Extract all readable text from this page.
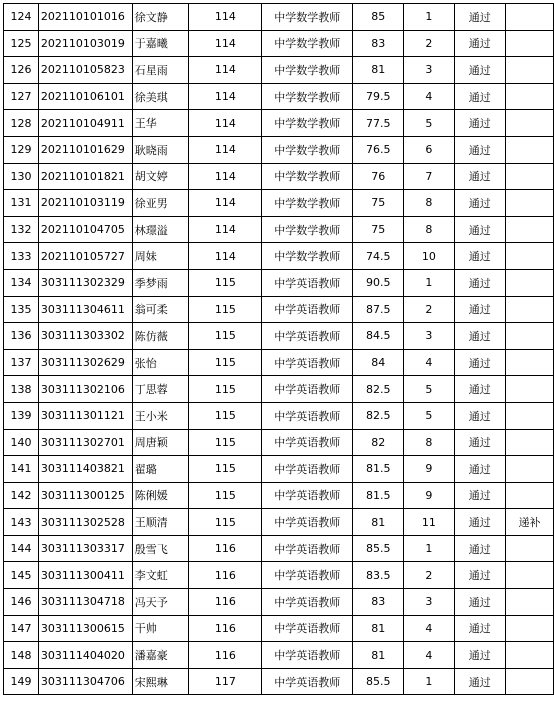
124	202110101016	徐文静	114	中学数学教师	85	1	通过	
125	202110103019	于嘉曦	114	中学数学教师	83	2	通过	
126	202110105823	石星雨	114	中学数学教师	81	3	通过	
127	202110106101	徐美琪	114	中学数学教师	79.5	4	通过	
128	202110104911	王华	114	中学数学教师	77.5	5	通过	
129	202110101629	耿晓雨	114	中学数学教师	76.5	6	通过	
130	202110101821	胡文婷	114	中学数学教师	76	7	通过	
131	202110103119	徐亚男	114	中学数学教师	75	8	通过	
132	202110104705	林璟溢	114	中学数学教师	75	8	通过	
133	202110105727	周妹	114	中学数学教师	74.5	10	通过	
134	303111302329	季梦雨	115	中学英语教师	90.5	1	通过	
135	303111304611	翁可柔	115	中学英语教师	87.5	2	通过	
136	303111303302	陈仿薇	115	中学英语教师	84.5	3	通过	
137	303111302629	张怡	115	中学英语教师	84	4	通过	
138	303111302106	丁思蓉	115	中学英语教师	82.5	5	通过	
139	303111301121	王小米	115	中学英语教师	82.5	5	通过	
140	303111302701	周唐颖	115	中学英语教师	82	8	通过	
141	303111403821	翟璐	115	中学英语教师	81.5	9	通过	
142	303111300125	陈俐媛	115	中学英语教师	81.5	9	通过	
143	303111302528	王顺清	115	中学英语教师	81	11	通过	递补
144	303111303317	殷雪飞	116	中学英语教师	85.5	1	通过	
145	303111300411	李文虹	116	中学英语教师	83.5	2	通过	
146	303111304718	冯天予	116	中学英语教师	83	3	通过	
147	303111300615	干帅	116	中学英语教师	81	4	通过	
148	303111404020	潘嘉豪	116	中学英语教师	81	4	通过	
149	303111304706	宋熙琳	117	中学英语教师	85.5	1	通过	
